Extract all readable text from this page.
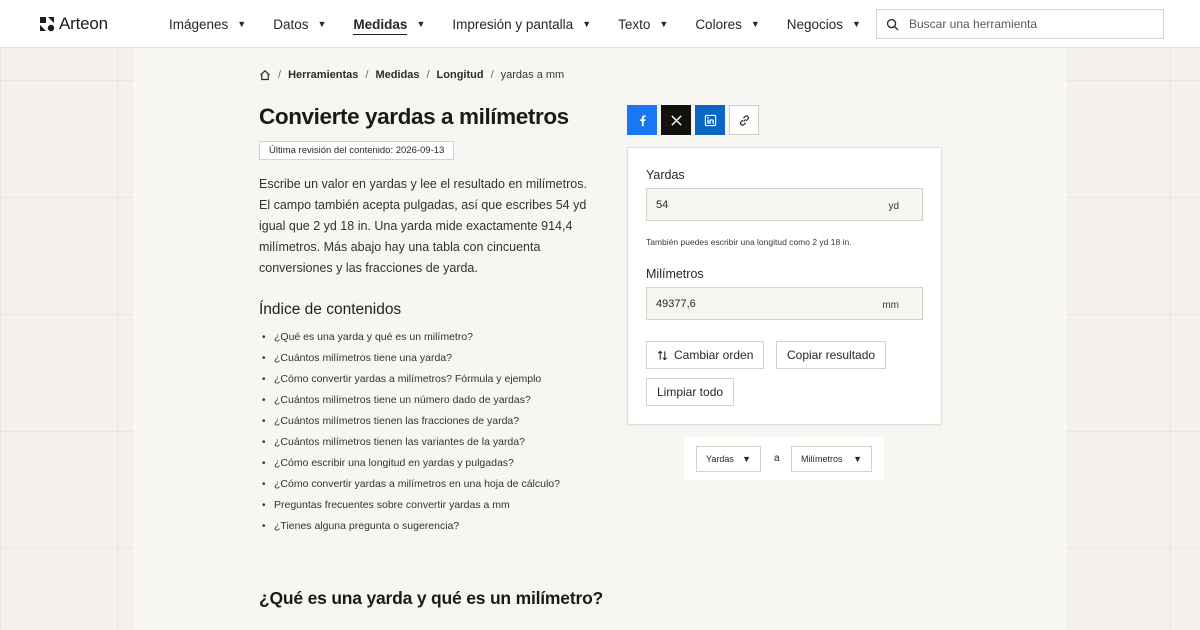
Arteon	Imágenes ▼ Datos ▼ Medidas ▼ Impresión y pantalla ▼ Texto ▼ Colores ▼ Negocios ▼
Buscar una herramienta
/ Herramientas / Medidas / Longitud / yardas a mm
Convierte yardas a milímetros
Última revisión del contenido: 2026-09-13

Escribe un valor en yardas y lee el resultado en milímetros. El campo también acepta pulgadas, así que escribes 54 yd igual que 2 yd 18 in. Una yarda mide exactamente 914,4 milímetros. Más abajo hay una tabla con cincuenta conversiones y las fracciones de yarda.

Índice de contenidos
• ¿Qué es una yarda y qué es un milímetro?
• ¿Cuántos milímetros tiene una yarda?
• ¿Cómo convertir yardas a milímetros? Fórmula y ejemplo
• ¿Cuántos milímetros tiene un número dado de yardas?
• ¿Cuántos milímetros tienen las fracciones de yarda?
• ¿Cuántos milímetros tienen las variantes de la yarda?
• ¿Cómo escribir una longitud en yardas y pulgadas?
• ¿Cómo convertir yardas a milímetros en una hoja de cálculo?
• Preguntas frecuentes sobre convertir yardas a mm
• ¿Tienes alguna pregunta o sugerencia?
¿Qué es una yarda y qué es un milímetro?
Yardas
54
yd
También puedes escribir una longitud como 2 yd 18 in.
Milímetros
49377,6
mm
Cambiar orden	Copiar resultado
Limpiar todo
Yardas ▼ a Milímetros ▼
